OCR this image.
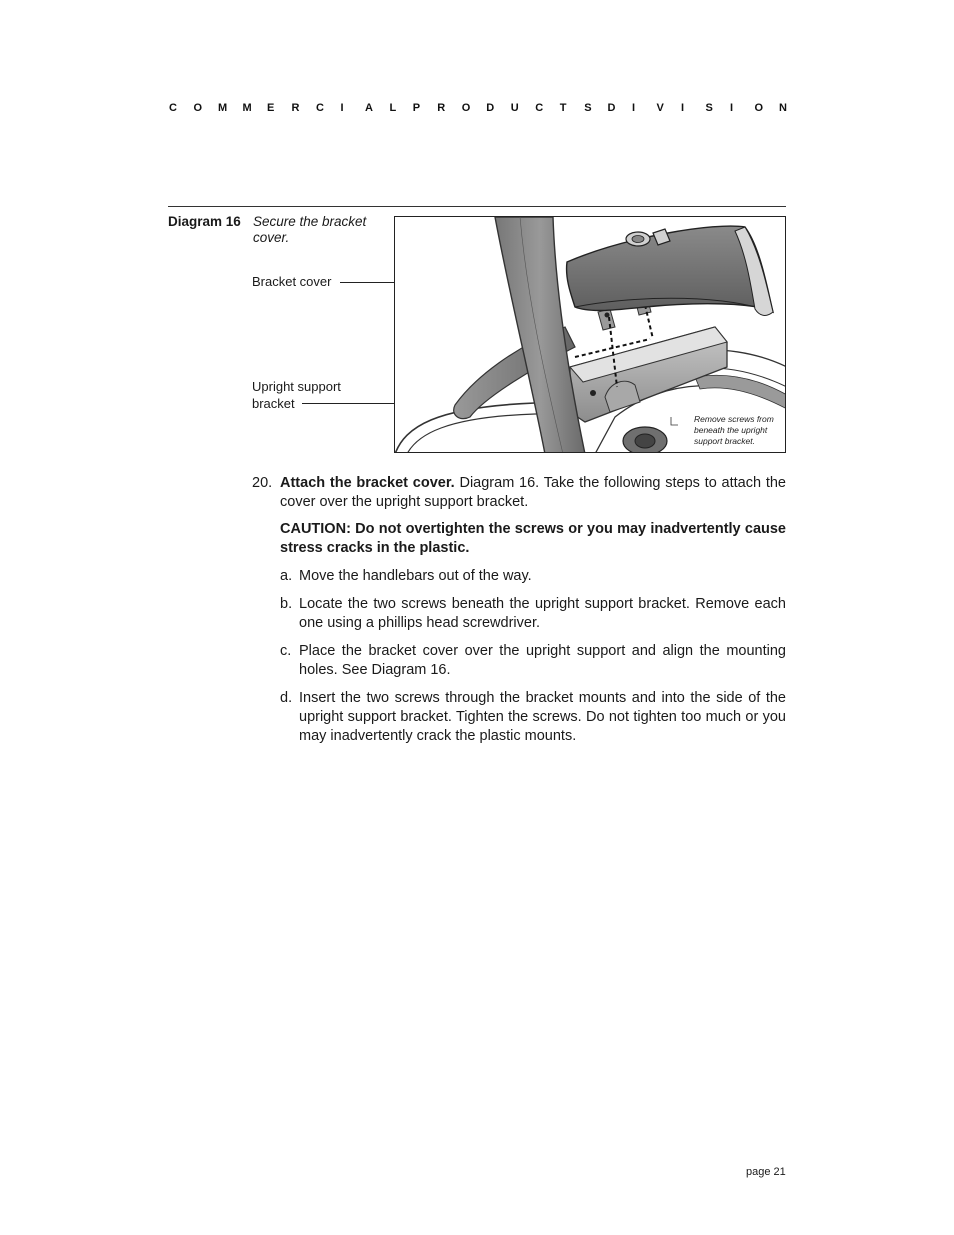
C	O	M	M	E	R	C	I	A	L P	R	O	D	U	C	T	S D	I	V	I	S	I	O	N
Diagram 16 Secure the bracket cover.
Bracket cover
Upright support
bracket
Remove screws from
beneath the upright
support bracket.
20. Attach the bracket cover. Diagram 16. Take the following steps to attach the cover over the upright support bracket.
CAUTION: Do not overtighten the screws or you may inadvertently cause stress cracks in the plastic.
a. Move the handlebars out of the way.
b. Locate the two screws beneath the upright support bracket. Remove each one using a phillips head screwdriver.
c. Place the bracket cover over the upright support and align the mounting holes. See Diagram 16.
d. Insert the two screws through the bracket mounts and into the side of the upright support bracket. Tighten the screws. Do not tighten too much or you may inadvertently crack the plastic mounts.
page 21
